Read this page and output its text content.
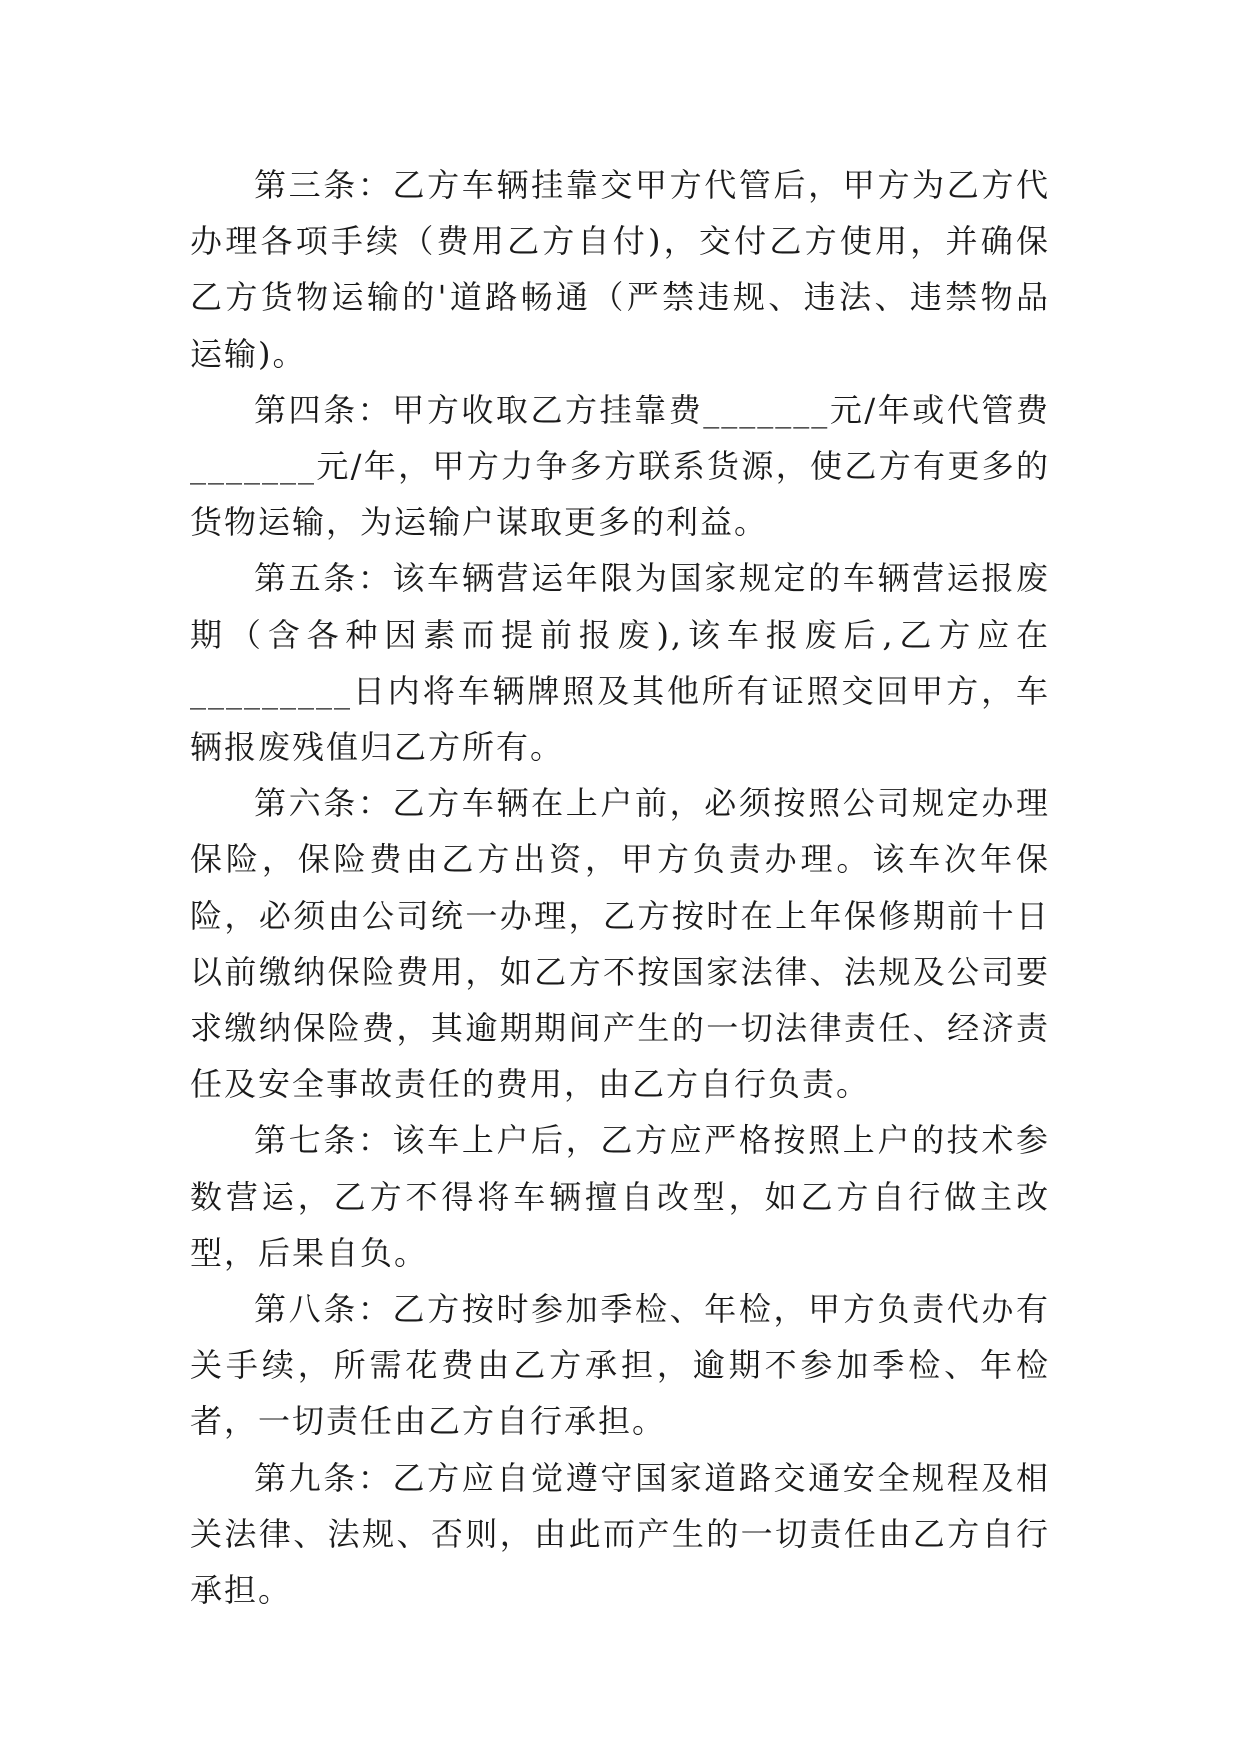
第三条：乙方车辆挂靠交甲方代管后，甲方为乙方代办理各项手续（费用乙方自付)，交付乙方使用，并确保乙方货物运输的'道路畅通（严禁违规、违法、违禁物品运输)。

第四条：甲方收取乙方挂靠费_______元/年或代管费_______元/年，甲方力争多方联系货源，使乙方有更多的货物运输，为运输户谋取更多的利益。

第五条：该车辆营运年限为国家规定的车辆营运报废期（含各种因素而提前报废),该车报废后,乙方应在_________日内将车辆牌照及其他所有证照交回甲方，车辆报废残值归乙方所有。

第六条：乙方车辆在上户前，必须按照公司规定办理保险，保险费由乙方出资，甲方负责办理。该车次年保险，必须由公司统一办理，乙方按时在上年保修期前十日以前缴纳保险费用，如乙方不按国家法律、法规及公司要求缴纳保险费，其逾期期间产生的一切法律责任、经济责任及安全事故责任的费用，由乙方自行负责。

第七条：该车上户后，乙方应严格按照上户的技术参数营运，乙方不得将车辆擅自改型，如乙方自行做主改型，后果自负。

第八条：乙方按时参加季检、年检，甲方负责代办有关手续，所需花费由乙方承担，逾期不参加季检、年检者，一切责任由乙方自行承担。

第九条：乙方应自觉遵守国家道路交通安全规程及相关法律、法规、否则，由此而产生的一切责任由乙方自行承担。
